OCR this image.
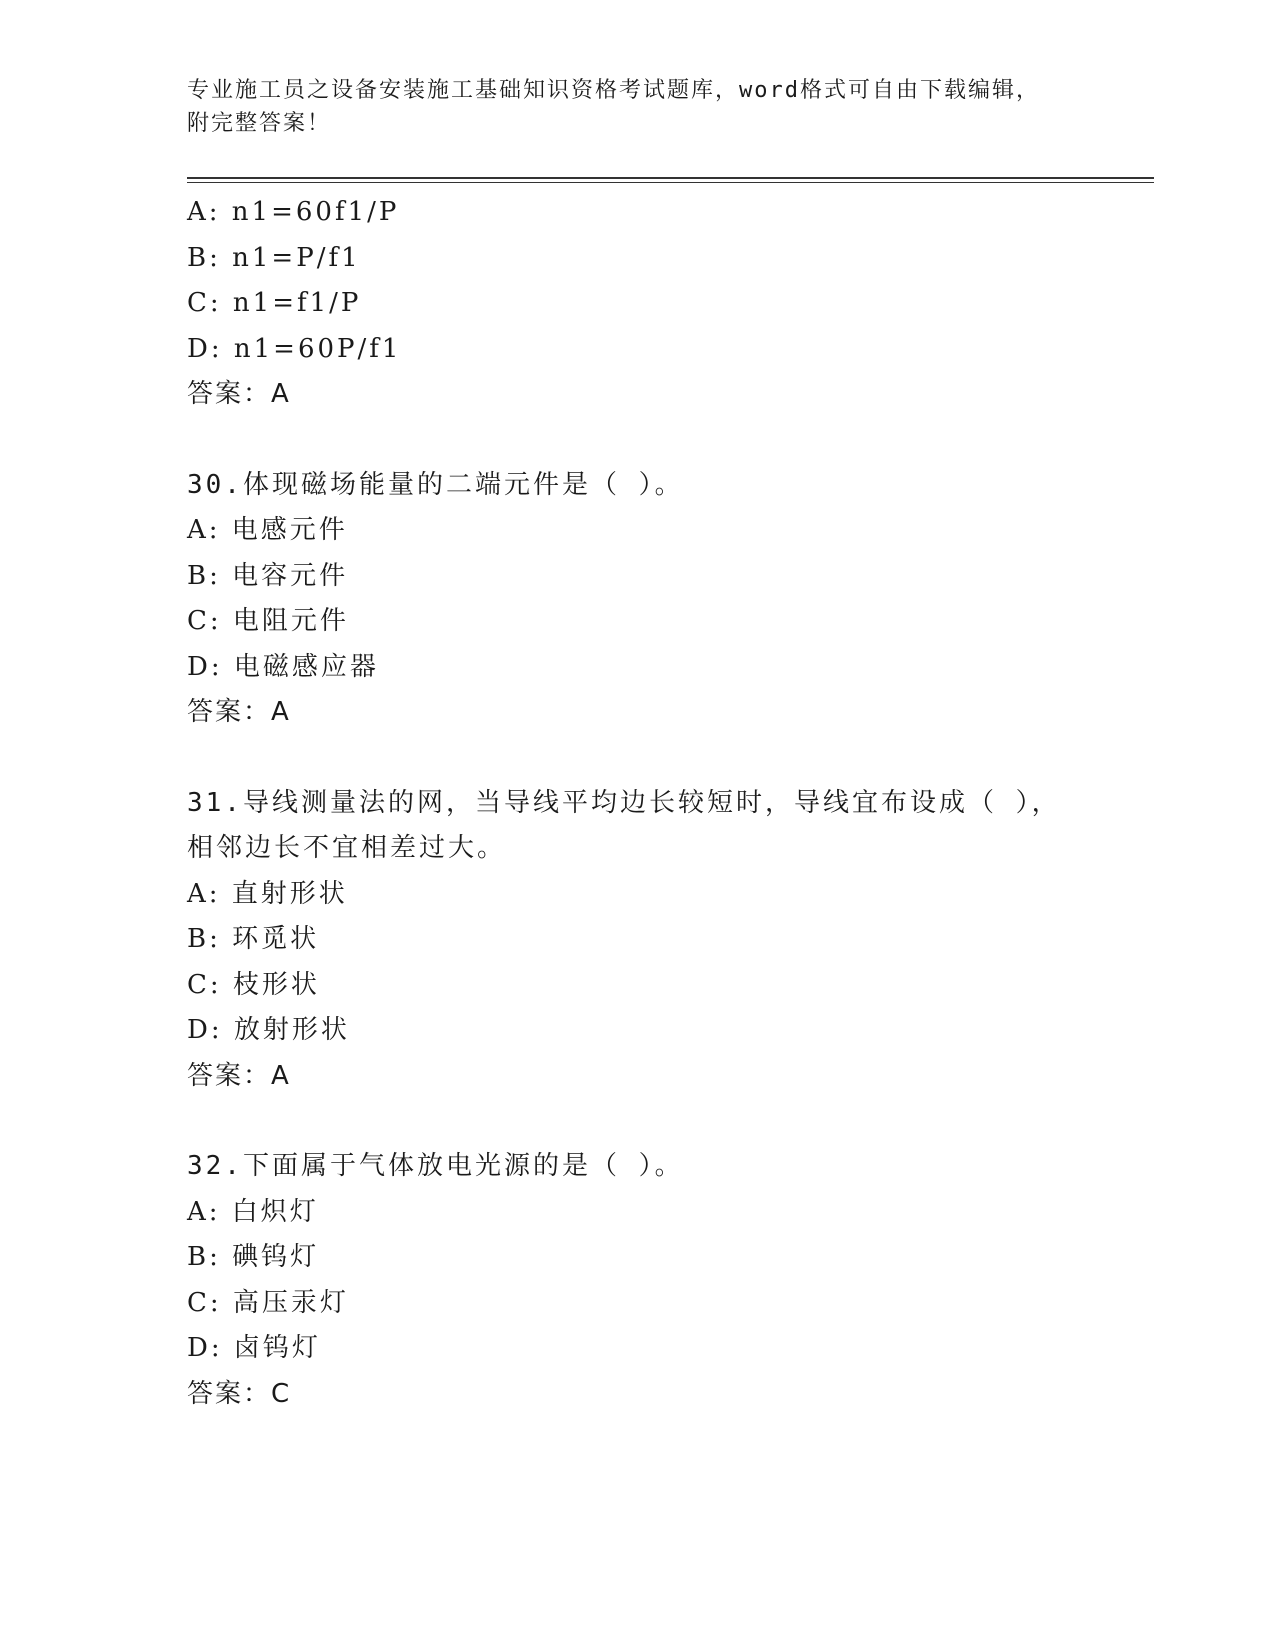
专业施工员之设备安装施工基础知识资格考试题库，word格式可自由下载编辑，
附完整答案！
A: n1=60f1/P
B: n1=P/f1
C: n1=f1/P
D: n1=60P/f1
答案：A
30.体现磁场能量的二端元件是（ ）。
A: 电感元件
B: 电容元件
C: 电阻元件
D: 电磁感应器
答案：A
31.导线测量法的网，当导线平均边长较短时，导线宜布设成（ ），
相邻边长不宜相差过大。
A: 直射形状
B: 环觅状
C: 枝形状
D: 放射形状
答案：A
32.下面属于气体放电光源的是（ ）。
A: 白炽灯
B: 碘钨灯
C: 高压汞灯
D: 卤钨灯
答案：C
